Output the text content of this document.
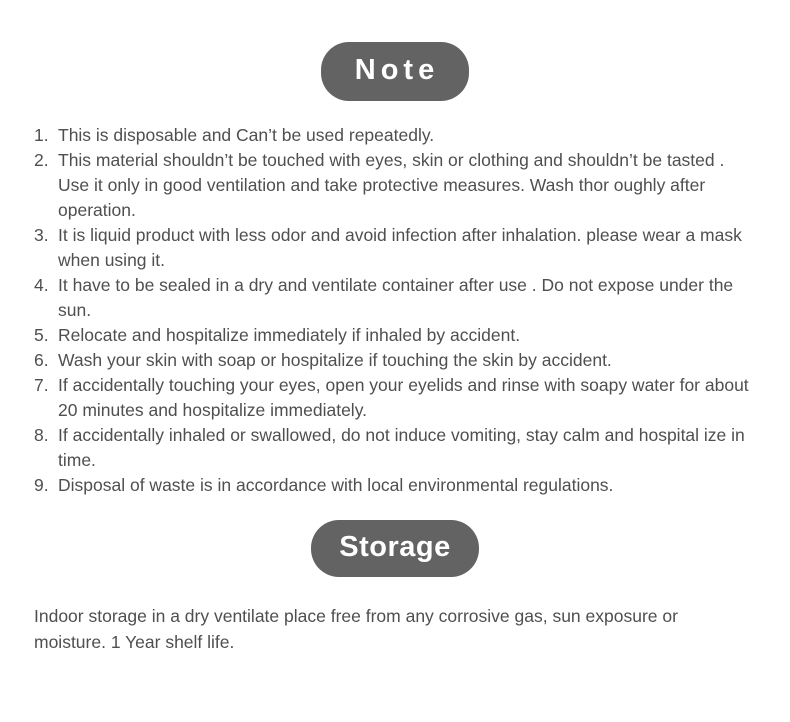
Note
1. This is disposable and Can’t be used repeatedly.
2. This material shouldn’t be touched with eyes, skin or clothing and shouldn’t be tasted . Use it only in good ventilation and take protective measures. Wash thor oughly after operation.
3. It is liquid product with less odor and avoid infection after inhalation. please wear a mask when using it.
4. It have to be sealed in a dry and ventilate container after use . Do not expose under the sun.
5. Relocate and hospitalize immediately if inhaled by accident.
6. Wash your skin with soap or hospitalize if touching the skin by accident.
7. If accidentally touching your eyes, open your eyelids and rinse with soapy water for about 20 minutes and hospitalize immediately.
8. If accidentally inhaled or swallowed, do not induce vomiting, stay calm and hospital ize in time.
9. Disposal of waste is in accordance with local environmental regulations.
Storage
Indoor storage in a dry ventilate place free from any corrosive gas, sun exposure or moisture. 1 Year shelf life.
